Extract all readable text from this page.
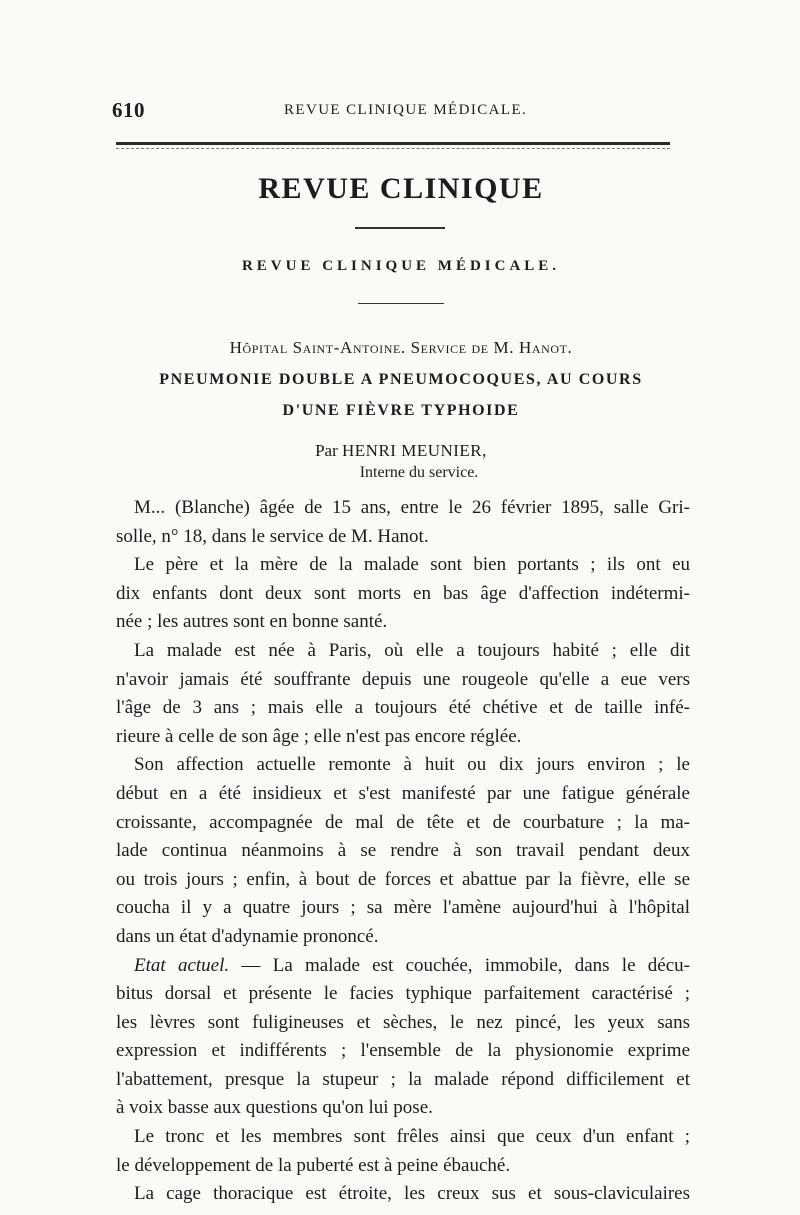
610	REVUE CLINIQUE MÉDICALE.
REVUE CLINIQUE
REVUE CLINIQUE MÉDICALE.
Hôpital Saint-Antoine. Service de M. Hanot.
PNEUMONIE DOUBLE A PNEUMOCOQUES, AU COURS
D'UNE FIÈVRE TYPHOIDE
Par HENRI MEUNIER,
Interne du service.
M... (Blanche) âgée de 15 ans, entre le 26 février 1895, salle Gri-
solle, n° 18, dans le service de M. Hanot.
Le père et la mère de la malade sont bien portants ; ils ont eu
dix enfants dont deux sont morts en bas âge d'affection indétermi-
née ; les autres sont en bonne santé.
La malade est née à Paris, où elle a toujours habité ; elle dit
n'avoir jamais été souffrante depuis une rougeole qu'elle a eue vers
l'âge de 3 ans ; mais elle a toujours été chétive et de taille infé-
rieure à celle de son âge ; elle n'est pas encore réglée.
Son affection actuelle remonte à huit ou dix jours environ ; le
début en a été insidieux et s'est manifesté par une fatigue générale
croissante, accompagnée de mal de tête et de courbature ; la ma-
lade continua néanmoins à se rendre à son travail pendant deux
ou trois jours ; enfin, à bout de forces et abattue par la fièvre, elle se
coucha il y a quatre jours ; sa mère l'amène aujourd'hui à l'hôpital
dans un état d'adynamie prononcé.
Etat actuel. — La malade est couchée, immobile, dans le décu-
bitus dorsal et présente le facies typhique parfaitement caractérisé ;
les lèvres sont fuligineuses et sèches, le nez pincé, les yeux sans
expression et indifférents ; l'ensemble de la physionomie exprime
l'abattement, presque la stupeur ; la malade répond difficilement et
à voix basse aux questions qu'on lui pose.
Le tronc et les membres sont frêles ainsi que ceux d'un enfant ;
le développement de la puberté est à peine ébauché.
La cage thoracique est étroite, les creux sus et sous-claviculaires
